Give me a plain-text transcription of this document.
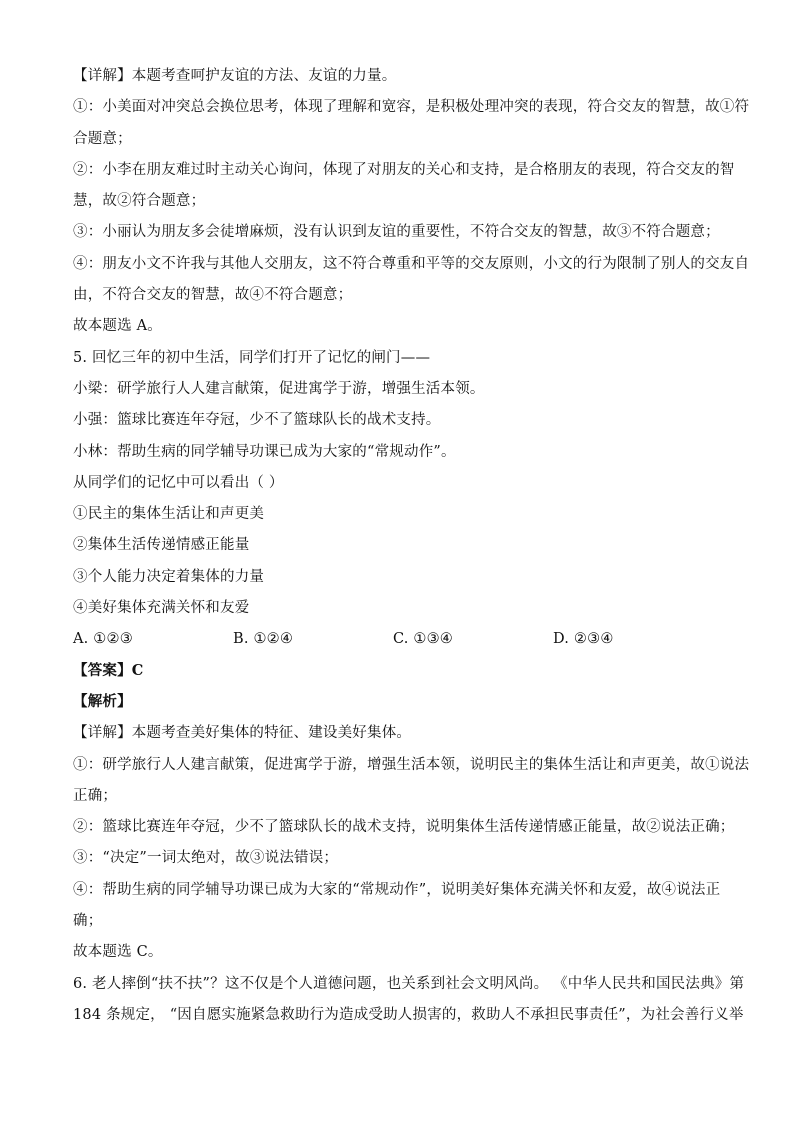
【详解】本题考查呵护友谊的方法、友谊的力量。
①：小美面对冲突总会换位思考，体现了理解和宽容，是积极处理冲突的表现，符合交友的智慧，故①符
合题意；
②：小李在朋友难过时主动关心询问，体现了对朋友的关心和支持，是合格朋友的表现，符合交友的智
慧，故②符合题意；
③：小丽认为朋友多会徒增麻烦，没有认识到友谊的重要性，不符合交友的智慧，故③不符合题意；
④：朋友小文不许我与其他人交朋友，这不符合尊重和平等的交友原则，小文的行为限制了别人的交友自
由，不符合交友的智慧，故④不符合题意；
故本题选 A。
5. 回忆三年的初中生活，同学们打开了记忆的闸门——
小梁：研学旅行人人建言献策，促进寓学于游，增强生活本领。
小强：篮球比赛连年夺冠，少不了篮球队长的战术支持。
小林：帮助生病的同学辅导功课已成为大家的“常规动作”。
从同学们的记忆中可以看出（ ）
①民主的集体生活让和声更美
②集体生活传递情感正能量
③个人能力决定着集体的力量
④美好集体充满关怀和友爱
A. ①②③	B. ①②④	C. ①③④	D. ②③④
【答案】C
【解析】
【详解】本题考查美好集体的特征、建设美好集体。
①：研学旅行人人建言献策，促进寓学于游，增强生活本领，说明民主的集体生活让和声更美，故①说法
正确；
②：篮球比赛连年夺冠，少不了篮球队长的战术支持，说明集体生活传递情感正能量，故②说法正确；
③：“决定”一词太绝对，故③说法错误；
④：帮助生病的同学辅导功课已成为大家的“常规动作”，说明美好集体充满关怀和友爱，故④说法正
确；
故本题选 C。
6. 老人摔倒“扶不扶”？这不仅是个人道德问题，也关系到社会文明风尚。 《中华人民共和国民法典》第
184 条规定， “因自愿实施紧急救助行为造成受助人损害的，救助人不承担民事责任”，为社会善行义举
